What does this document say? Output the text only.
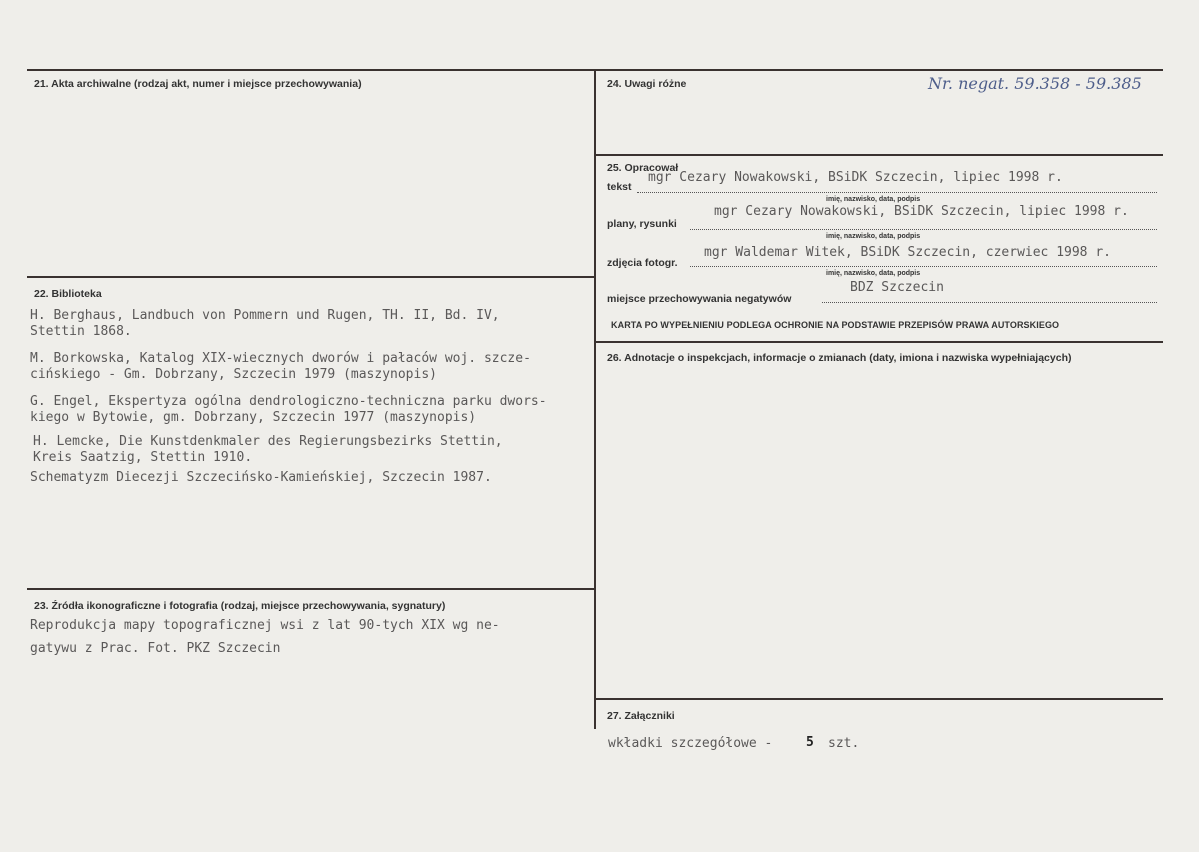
21. Akta archiwalne (rodzaj akt, numer i miejsce przechowywania)	24. Uwagi różne	Nr. negat. 59.358 - 59.385
25. Opracował
tekst
mgr Cezary Nowakowski, BSiDK Szczecin, lipiec 1998 r.
imię, nazwisko, data, podpis
plany, rysunki
mgr Cezary Nowakowski, BSiDK Szczecin, lipiec 1998 r.
imię, nazwisko, data, podpis
zdjęcia fotogr.
mgr Waldemar Witek, BSiDK Szczecin, czerwiec 1998 r.
imię, nazwisko, data, podpis
miejsce przechowywania negatywów
BDZ Szczecin
KARTA PO WYPEŁNIENIU PODLEGA OCHRONIE NA PODSTAWIE PRZEPISÓW PRAWA AUTORSKIEGO
22. Biblioteka
H. Berghaus, Landbuch von Pommern und Rugen, TH. II, Bd. IV,
Stettin 1868.
M. Borkowska, Katalog XIX-wiecznych dworów i pałaców woj. szcze-
cińskiego - Gm. Dobrzany, Szczecin 1979 (maszynopis)
G. Engel, Ekspertyza ogólna dendrologiczno-techniczna parku dwors-
kiego w Bytowie, gm. Dobrzany, Szczecin 1977 (maszynopis)
H. Lemcke, Die Kunstdenkmaler des Regierungsbezirks Stettin,
Kreis Saatzig, Stettin 1910.
Schematyzm Diecezji Szczecińsko-Kamieńskiej, Szczecin 1987.
26. Adnotacje o inspekcjach, informacje o zmianach (daty, imiona i nazwiska wypełniających)
23. Źródła ikonograficzne i fotografia (rodzaj, miejsce przechowywania, sygnatury)
Reprodukcja mapy topograficznej wsi z lat 90-tych XIX wg ne-
gatywu z Prac. Fot. PKZ Szczecin
27. Załączniki
wkładki szczegółowe -	5 szt.
